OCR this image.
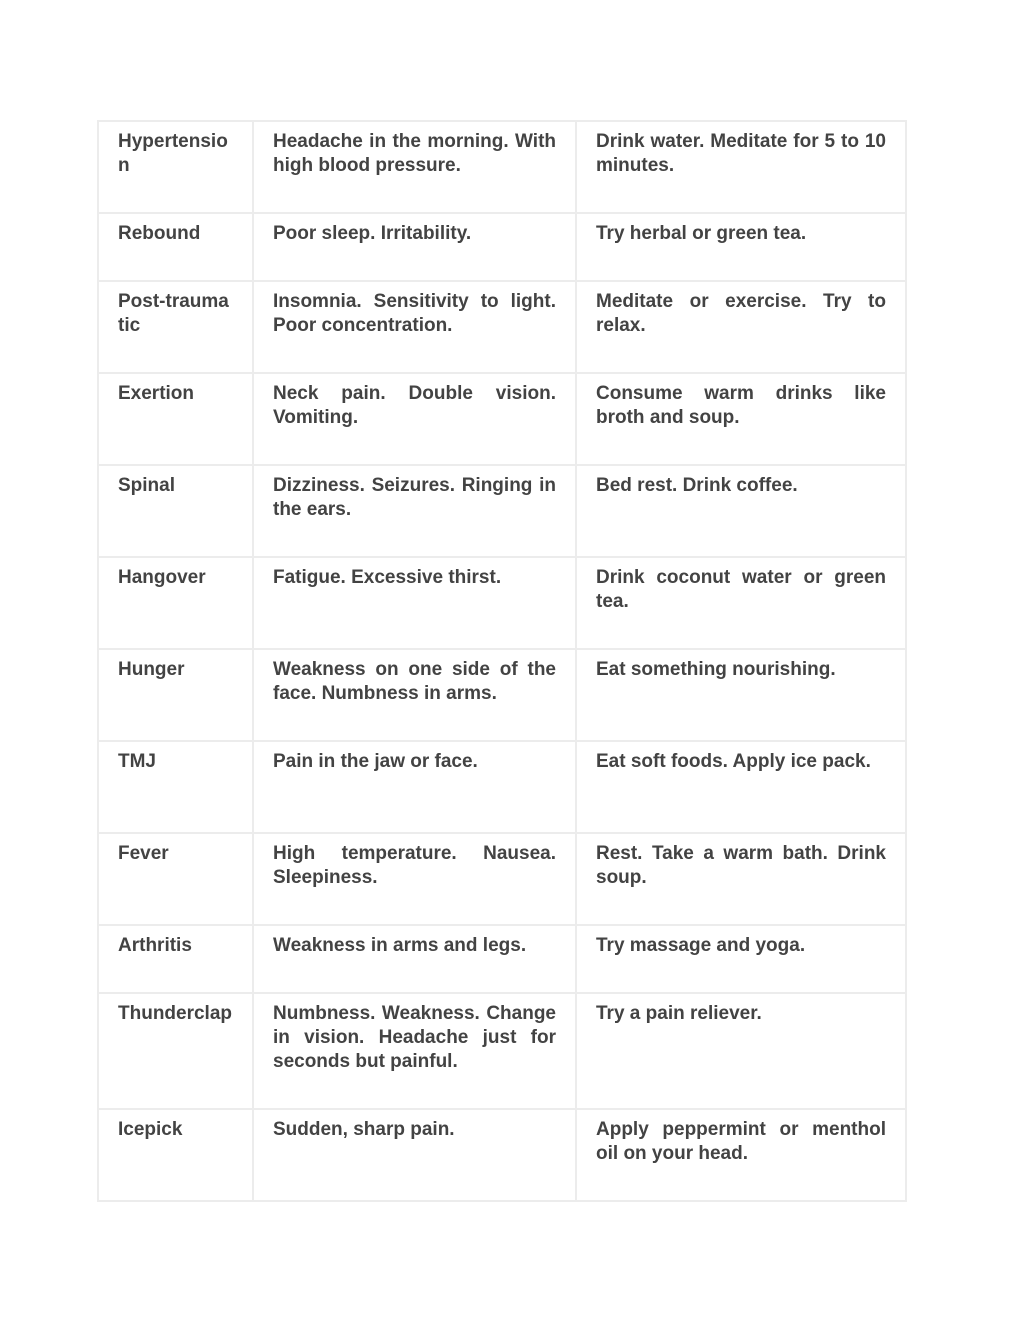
Hypertension	Headache in the morning. With high blood pressure.	Drink water. Meditate for 5 to 10 minutes.
Rebound	Poor sleep. Irritability.	Try herbal or green tea.
Post-traumatic	Insomnia. Sensitivity to light. Poor concentration.	Meditate or exercise. Try to relax.
Exertion	Neck pain. Double vision. Vomiting.	Consume warm drinks like broth and soup.
Spinal	Dizziness. Seizures. Ringing in the ears.	Bed rest. Drink coffee.
Hangover	Fatigue. Excessive thirst.	Drink coconut water or green tea.
Hunger	Weakness on one side of the face. Numbness in arms.	Eat something nourishing.
TMJ	Pain in the jaw or face.	Eat soft foods. Apply ice pack.
Fever	High temperature. Nausea. Sleepiness.	Rest. Take a warm bath. Drink soup.
Arthritis	Weakness in arms and legs.	Try massage and yoga.
Thunderclap	Numbness. Weakness. Change in vision. Headache just for seconds but painful.	Try a pain reliever.
Icepick	Sudden, sharp pain.	Apply peppermint or menthol oil on your head.
